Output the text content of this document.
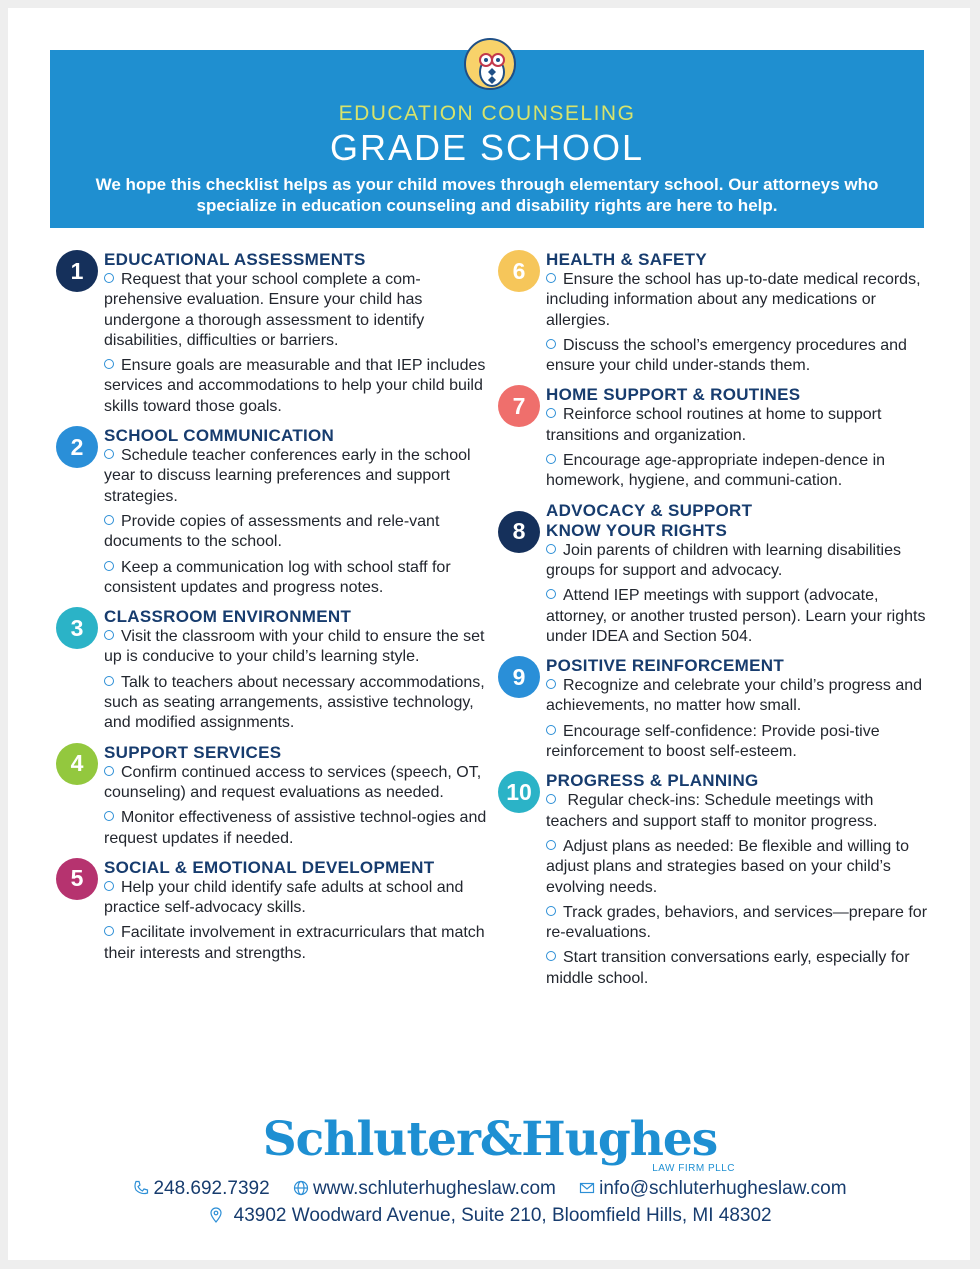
EDUCATION COUNSELING
GRADE SCHOOL
We hope this checklist helps as your child moves through elementary school. Our attorneys who specialize in education counseling and disability rights are here to help.
1	EDUCATIONAL ASSESSMENTS
Request that your school complete a com-prehensive evaluation. Ensure your child has undergone a thorough assessment to identify disabilities, difficulties or barriers.
Ensure goals are measurable and that IEP includes services and accommodations to help your child build skills toward those goals.
2	SCHOOL COMMUNICATION
Schedule teacher conferences early in the school year to discuss learning preferences and support strategies.
Provide copies of assessments and rele-vant documents to the school.
Keep a communication log with school staff for consistent updates and progress notes.
3	CLASSROOM ENVIRONMENT
Visit the classroom with your child to ensure the set up is conducive to your child’s learning style.
Talk to teachers about necessary accommodations, such as seating arrangements, assistive technology, and modified assignments.
4	SUPPORT SERVICES
Confirm continued access to services (speech, OT, counseling) and request evaluations as needed.
Monitor effectiveness of assistive technol-ogies and request updates if needed.
5	SOCIAL & EMOTIONAL DEVELOPMENT
Help your child identify safe adults at school and practice self-advocacy skills.
Facilitate involvement in extracurriculars that match their interests and strengths.
6	HEALTH & SAFETY
Ensure the school has up-to-date medical records, including information about any medications or allergies.
Discuss the school’s emergency procedures and ensure your child under-stands them.
7	HOME SUPPORT & ROUTINES
Reinforce school routines at home to support transitions and organization.
Encourage age-appropriate indepen-dence in homework, hygiene, and communi-cation.
8
ADVOCACY & SUPPORT KNOW YOUR RIGHTS
Join parents of children with learning disabilities groups for support and advocacy.
Attend IEP meetings with support (advocate, attorney, or another trusted person). Learn your rights under IDEA and Section 504.
9	POSITIVE REINFORCEMENT
Recognize and celebrate your child’s progress and achievements, no matter how small.
Encourage self-confidence: Provide posi-tive reinforcement to boost self-esteem.
10 PROGRESS & PLANNING
Regular check-ins: Schedule meetings with teachers and support staff to monitor progress.
Adjust plans as needed: Be flexible and willing to adjust plans and strategies based on your child’s evolving needs.
Track grades, behaviors, and services—prepare for re-evaluations.
Start transition conversations early, especially for middle school.
Schluter&Hughes
LAW FIRM PLLC
248.692.7392 www.schluterhugheslaw.com info@schluterhugheslaw.com
43902 Woodward Avenue, Suite 210, Bloomfield Hills, MI 48302
